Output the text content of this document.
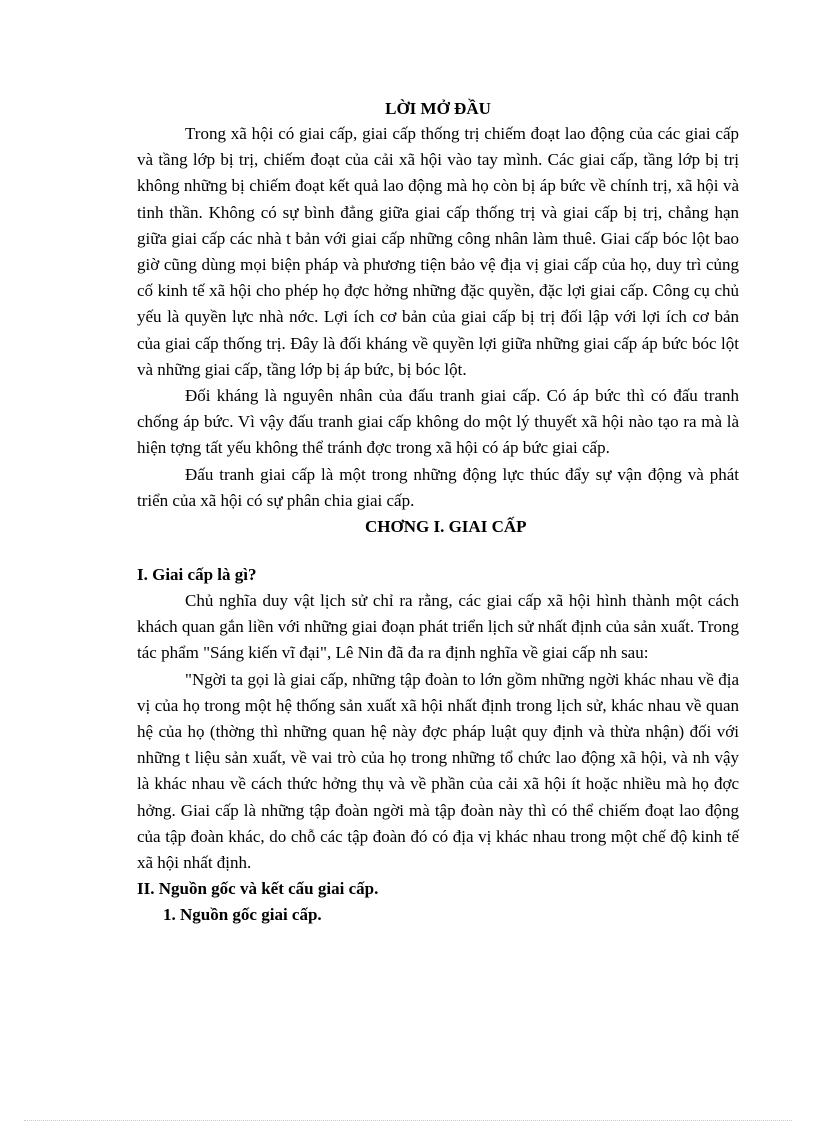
LỜI MỞ ĐẦU

Trong xã hội có giai cấp, giai cấp thống trị chiếm đoạt lao động của các giai cấp và tầng lớp bị trị, chiếm đoạt của cải xã hội vào tay mình. Các giai cấp, tầng lớp bị trị không những bị chiếm đoạt kết quả lao động mà họ còn bị áp bức về chính trị, xã hội và tinh thần. Không có sự bình đẳng giữa giai cấp thống trị và giai cấp bị trị, chẳng hạn giữa giai cấp các nhà t bản với giai cấp những công nhân làm thuê. Giai cấp bóc lột bao giờ cũng dùng mọi biện pháp và phương tiện bảo vệ địa vị giai cấp của họ, duy trì củng cố kinh tế xã hội cho phép họ đợc hởng những đặc quyền, đặc lợi giai cấp. Công cụ chủ yếu là quyền lực nhà nớc. Lợi ích cơ bản của giai cấp bị trị đối lập với lợi ích cơ bản của giai cấp thống trị. Đây là đối kháng về quyền lợi giữa những giai cấp áp bức bóc lột và những giai cấp, tầng lớp bị áp bức, bị bóc lột.

Đối kháng là nguyên nhân của đấu tranh giai cấp. Có áp bức thì có đấu tranh chống áp bức. Vì vậy đấu tranh giai cấp không do một lý thuyết xã hội nào tạo ra mà là hiện tợng tất yếu không thể tránh đợc trong xã hội có áp bức giai cấp.

Đấu tranh giai cấp là một trong những động lực thúc đẩy sự vận động và phát triển của xã hội có sự phân chia giai cấp.

CHƠNG I. GIAI CẤP

I. Giai cấp là gì?

Chủ nghĩa duy vật lịch sử chỉ ra rằng, các giai cấp xã hội hình thành một cách khách quan gắn liền với những giai đoạn phát triển lịch sử nhất định của sản xuất. Trong tác phẩm "Sáng kiến vĩ đại", Lê Nin đã đa ra định nghĩa về giai cấp nh sau:

"Ngời ta gọi là giai cấp, những tập đoàn to lớn gồm những ngời khác nhau về địa vị của họ trong một hệ thống sản xuất xã hội nhất định trong lịch sử, khác nhau về quan hệ của họ (thờng thì những quan hệ này đợc pháp luật quy định và thừa nhận) đối với những t liệu sản xuất, về vai trò của họ trong những tổ chức lao động xã hội, và nh vậy là khác nhau về cách thức hởng thụ và về phần của cải xã hội ít hoặc nhiều mà họ đợc hởng. Giai cấp là những tập đoàn ngời mà tập đoàn này thì có thể chiếm đoạt lao động của tập đoàn khác, do chỗ các tập đoàn đó có địa vị khác nhau trong một chế độ kinh tế xã hội nhất định.

II. Nguồn gốc và kết cấu giai cấp.

1. Nguồn gốc giai cấp.
